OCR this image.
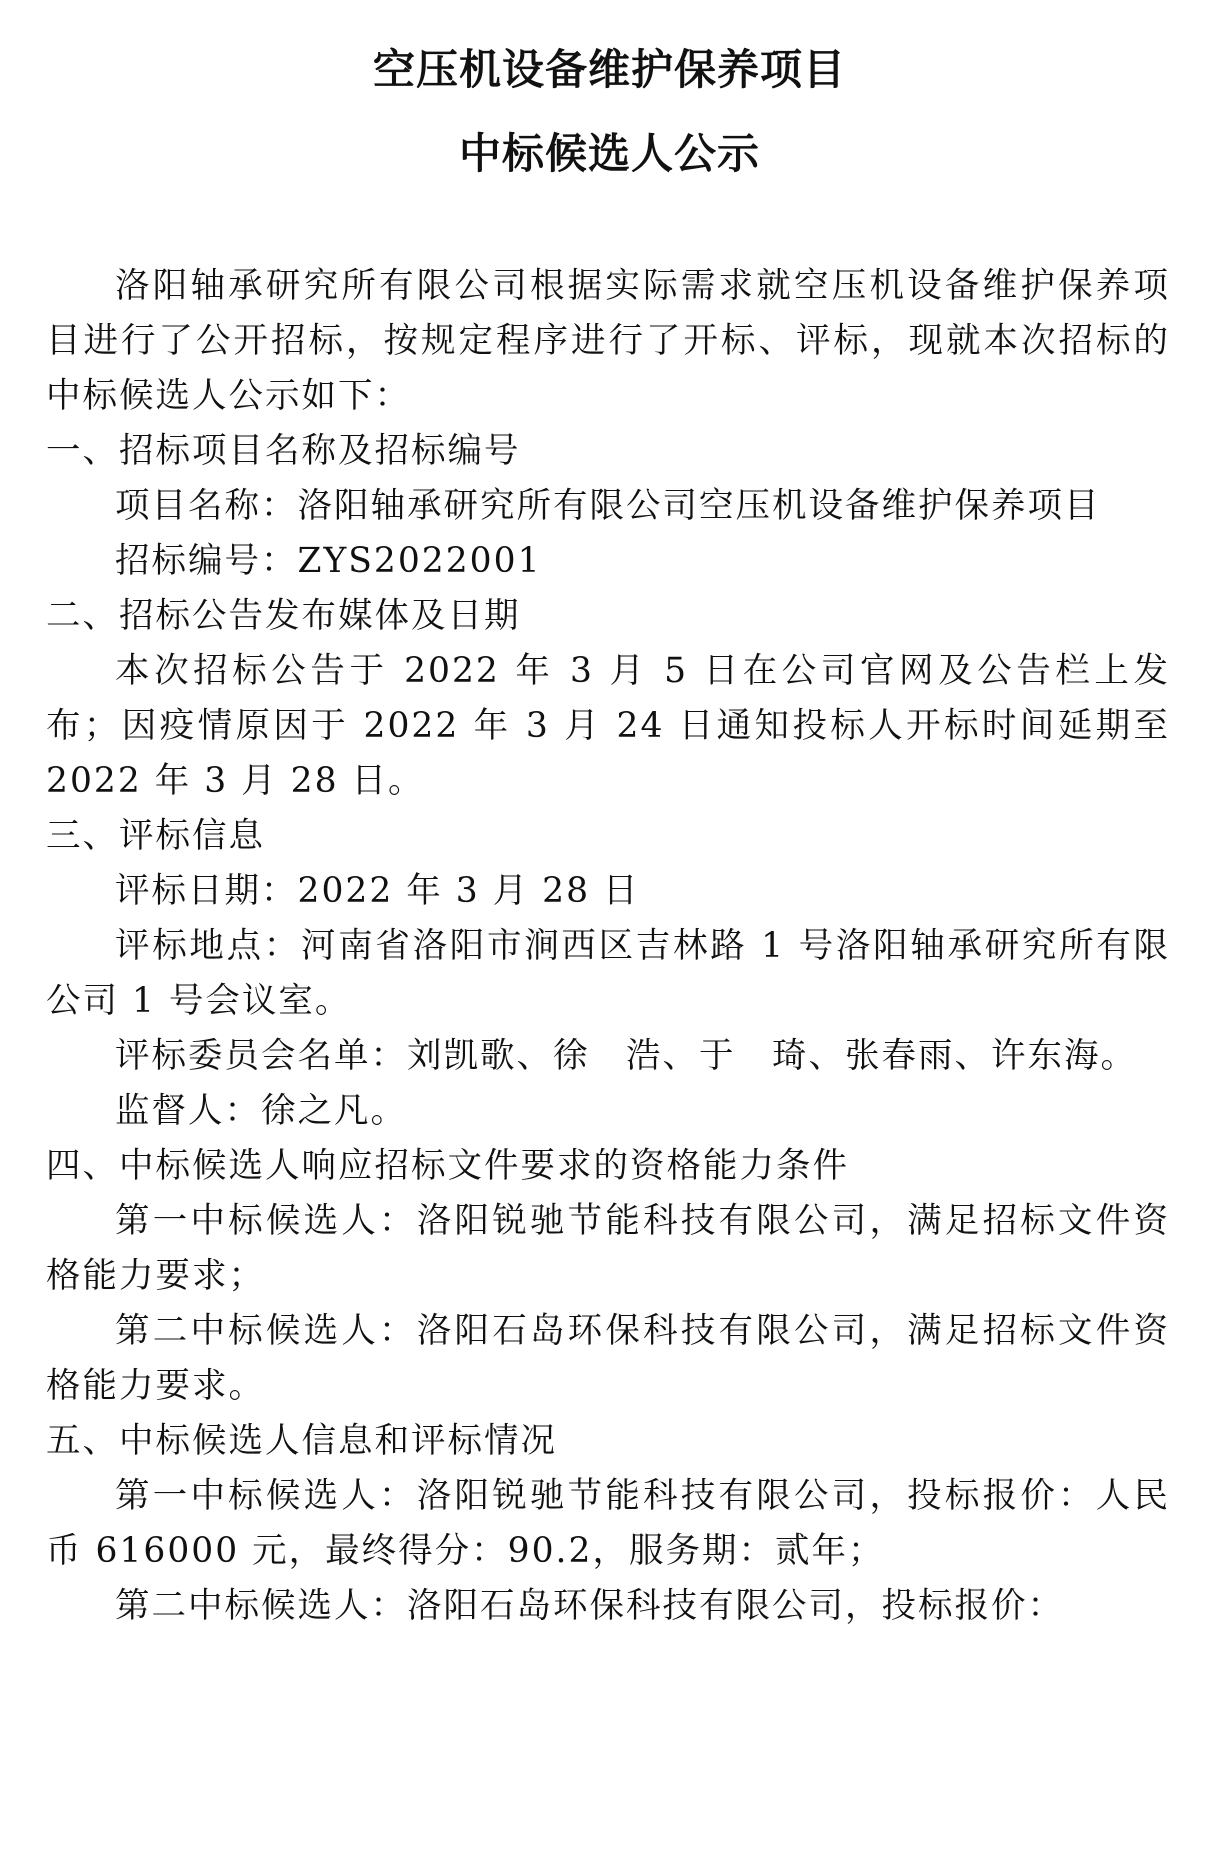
空压机设备维护保养项目
中标候选人公示

洛阳轴承研究所有限公司根据实际需求就空压机设备维护保养项目进行了公开招标，按规定程序进行了开标、评标，现就本次招标的中标候选人公示如下：

一、招标项目名称及招标编号

项目名称：洛阳轴承研究所有限公司空压机设备维护保养项目

招标编号：ZYS2022001

二、招标公告发布媒体及日期

本次招标公告于 2022 年 3 月 5 日在公司官网及公告栏上发布；因疫情原因于 2022 年 3 月 24 日通知投标人开标时间延期至 2022 年 3 月 28 日。

三、评标信息

评标日期：2022 年 3 月 28 日

评标地点：河南省洛阳市涧西区吉林路 1 号洛阳轴承研究所有限公司 1 号会议室。

评标委员会名单：刘凯歌、徐　浩、于　琦、张春雨、许东海。

监督人：徐之凡。

四、中标候选人响应招标文件要求的资格能力条件

第一中标候选人：洛阳锐驰节能科技有限公司，满足招标文件资格能力要求；

第二中标候选人：洛阳石岛环保科技有限公司，满足招标文件资格能力要求。

五、中标候选人信息和评标情况

第一中标候选人：洛阳锐驰节能科技有限公司，投标报价：人民币 616000 元，最终得分：90.2，服务期：贰年；

第二中标候选人：洛阳石岛环保科技有限公司，投标报价：
